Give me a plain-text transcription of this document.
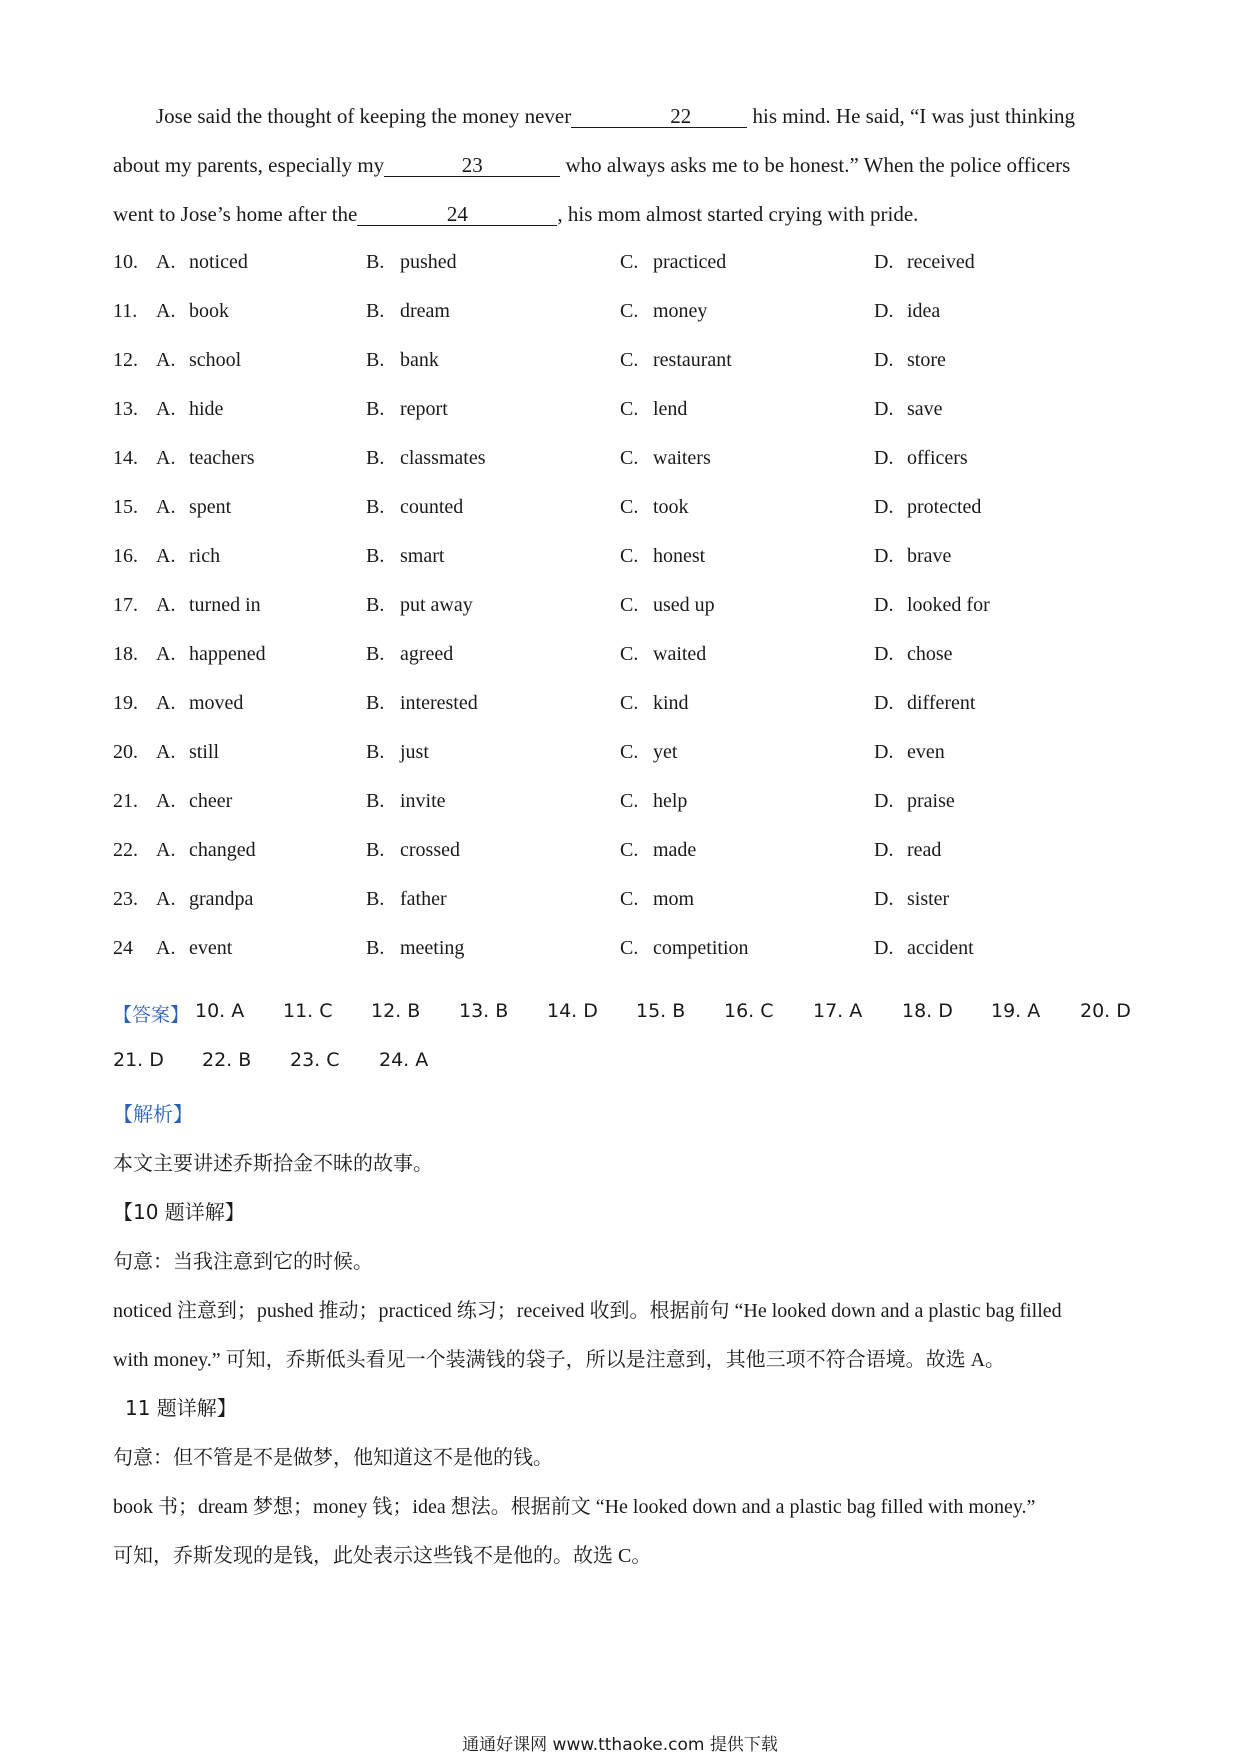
Jose said the thought of keeping the money never	22	his mind. He said, “I was just thinking
about my parents, especially my	23	who always asks me to be honest.” When the police officers
went to Jose’s home after the	24	, his mom almost started crying with pride.
10. A. noticed	B. pushed	C. practiced	D. received
11. A. book	B. dream	C. money	D. idea
12. A. school	B. bank	C. restaurant	D. store
13. A. hide	B. report	C. lend	D. save
14. A. teachers	B. classmates	C. waiters	D. officers
15. A. spent	B. counted	C. took	D. protected
16. A. rich	B. smart	C. honest	D. brave
17. A. turned in	B. put away	C. used up	D. looked for
18. A. happened	B. agreed	C. waited	D. chose
19. A. moved	B. interested	C. kind	D. different
20. A. still	B. just	C. yet	D. even
21. A. cheer	B. invite	C. help	D. praise
22. A. changed	B. crossed	C. made	D. read
23. A. grandpa	B. father	C. mom	D. sister
24 A. event	B. meeting	C. competition	D. accident
【答案】 10. A 11. C 12. B 13. B 14. D 15. B 16. C 17. A 18. D 19. A 20. D
21. D 22. B 23. C 24. A
【解析】
本文主要讲述乔斯拾金不昧的故事。
【10 题详解】
句意：当我注意到它的时候。
noticed 注意到；pushed 推动；practiced 练习；received 收到。根据前句 “He looked down and a plastic bag filled
with money.” 可知，乔斯低头看见一个装满钱的袋子，所以是注意到，其他三项不符合语境。故选 A。
11 题详解】
句意：但不管是不是做梦，他知道这不是他的钱。
book 书；dream 梦想；money 钱；idea 想法。根据前文 “He looked down and a plastic bag filled with money.”
可知，乔斯发现的是钱，此处表示这些钱不是他的。故选 C。
通通好课网 www.tthaoke.com 提供下载
